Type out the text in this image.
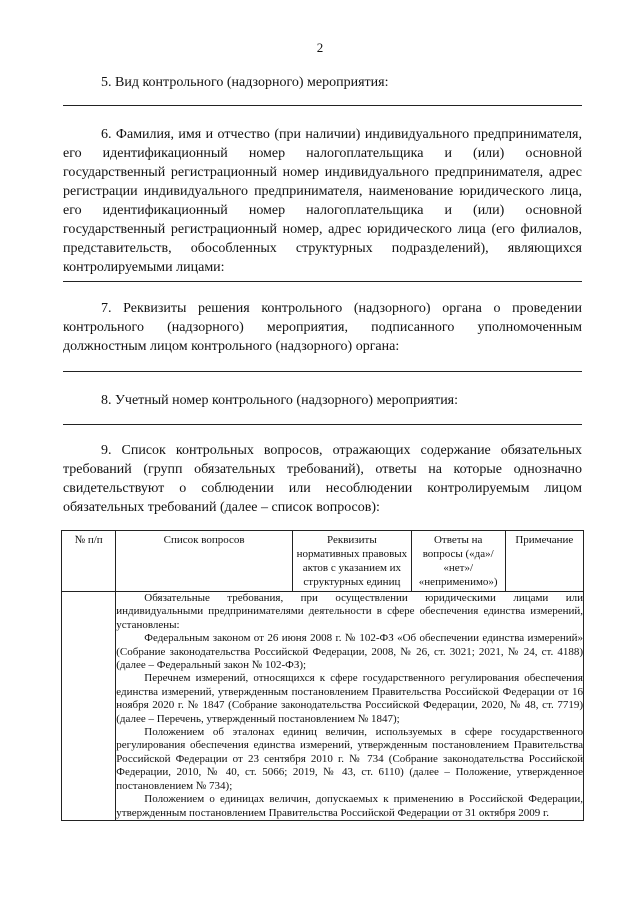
2
5. Вид контрольного (надзорного) мероприятия:
6. Фамилия, имя и отчество (при наличии) индивидуального предпринимателя, его идентификационный номер налогоплательщика и (или) основной государственный регистрационный номер индивидуального предпринимателя, адрес регистрации индивидуального предпринимателя, наименование юридического лица, его идентификационный номер налогоплательщика и (или) основной государственный регистрационный номер, адрес юридического лица (его филиалов, представительств, обособленных структурных подразделений), являющихся контролируемыми лицами:
7. Реквизиты решения контрольного (надзорного) органа о проведении контрольного (надзорного) мероприятия, подписанного уполномоченным должностным лицом контрольного (надзорного) органа:
8. Учетный номер контрольного (надзорного) мероприятия:
9. Список контрольных вопросов, отражающих содержание обязательных требований (групп обязательных требований), ответы на которые однозначно свидетельствуют о соблюдении или несоблюдении контролируемым лицом обязательных требований (далее – список вопросов):
№ п/п	Список вопросов	Реквизиты нормативных правовых актов с указанием их структурных единиц	Ответы на вопросы («да»/ «нет»/ «неприменимо»)	Примечание

	Обязательные требования, при осуществлении юридическими лицами или индивидуальными предпринимателями деятельности в сфере обеспечения единства измерений, установлены:

Федеральным законом от 26 июня 2008 г. № 102-ФЗ «Об обеспечении единства измерений» (Собрание законодательства Российской Федерации, 2008, № 26, ст. 3021; 2021, № 24, ст. 4188) (далее – Федеральный закон № 102-ФЗ);

Перечнем измерений, относящихся к сфере государственного регулирования обеспечения единства измерений, утвержденным постановлением Правительства Российской Федерации от 16 ноября 2020 г. № 1847 (Собрание законодательства Российской Федерации, 2020, № 48, ст. 7719) (далее – Перечень, утвержденный постановлением № 1847);

Положением об эталонах единиц величин, используемых в сфере государственного регулирования обеспечения единства измерений, утвержденным постановлением Правительства Российской Федерации от 23 сентября 2010 г. № 734 (Собрание законодательства Российской Федерации, 2010, № 40, ст. 5066; 2019, № 43, ст. 6110) (далее – Положение, утвержденное постановлением № 734);

Положением о единицах величин, допускаемых к применению в Российской Федерации, утвержденным постановлением Правительства Российской Федерации от 31 октября 2009 г.			
